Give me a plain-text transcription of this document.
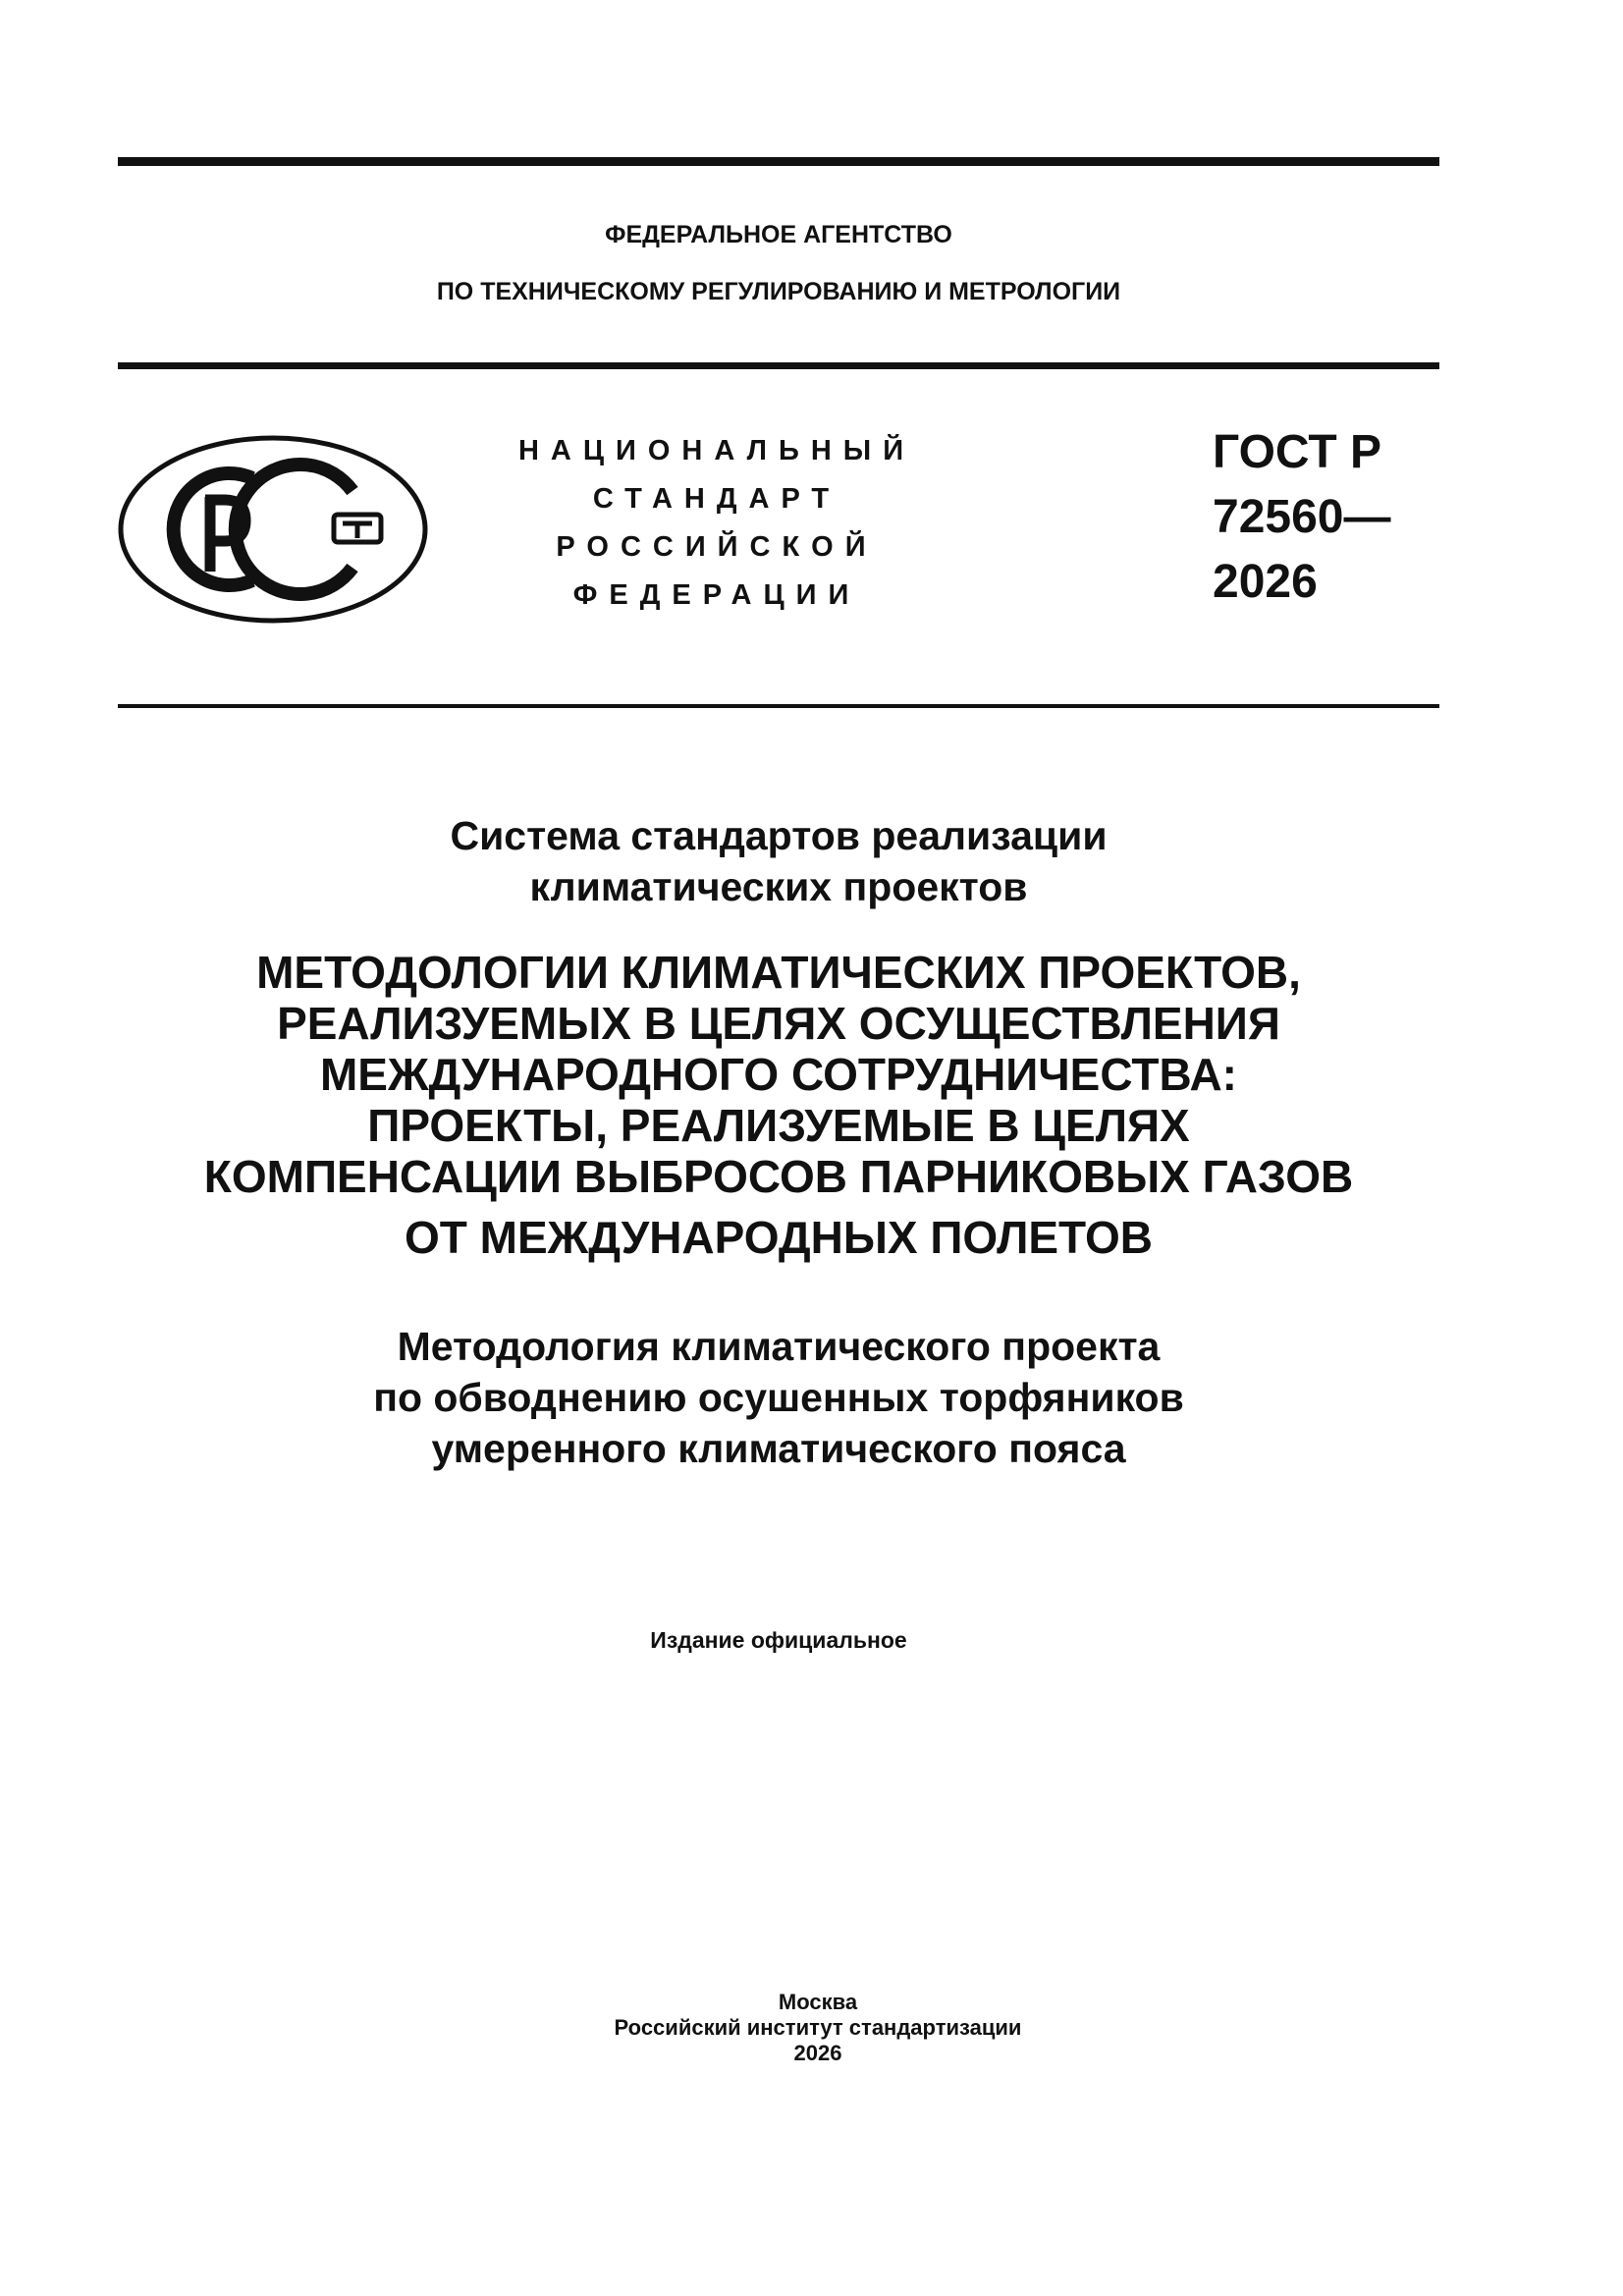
ФЕДЕРАЛЬНОЕ АГЕНТСТВО
ПО ТЕХНИЧЕСКОМУ РЕГУЛИРОВАНИЮ И МЕТРОЛОГИИ
НАЦИОНАЛЬНЫЙ
СТАНДАРТ
РОССИЙСКОЙ
ФЕДЕРАЦИИ
ГОСТ Р
72560—
2026
Система стандартов реализации
климатических проектов
МЕТОДОЛОГИИ КЛИМАТИЧЕСКИХ ПРОЕКТОВ,
РЕАЛИЗУЕМЫХ В ЦЕЛЯХ ОСУЩЕСТВЛЕНИЯ
МЕЖДУНАРОДНОГО СОТРУДНИЧЕСТВА:
ПРОЕКТЫ, РЕАЛИЗУЕМЫЕ В ЦЕЛЯХ
КОМПЕНСАЦИИ ВЫБРОСОВ ПАРНИКОВЫХ ГАЗОВ
ОТ МЕЖДУНАРОДНЫХ ПОЛЕТОВ
Методология климатического проекта
по обводнению осушенных торфяников
умеренного климатического пояса
Издание официальное
Москва
Российский институт стандартизации
2026
